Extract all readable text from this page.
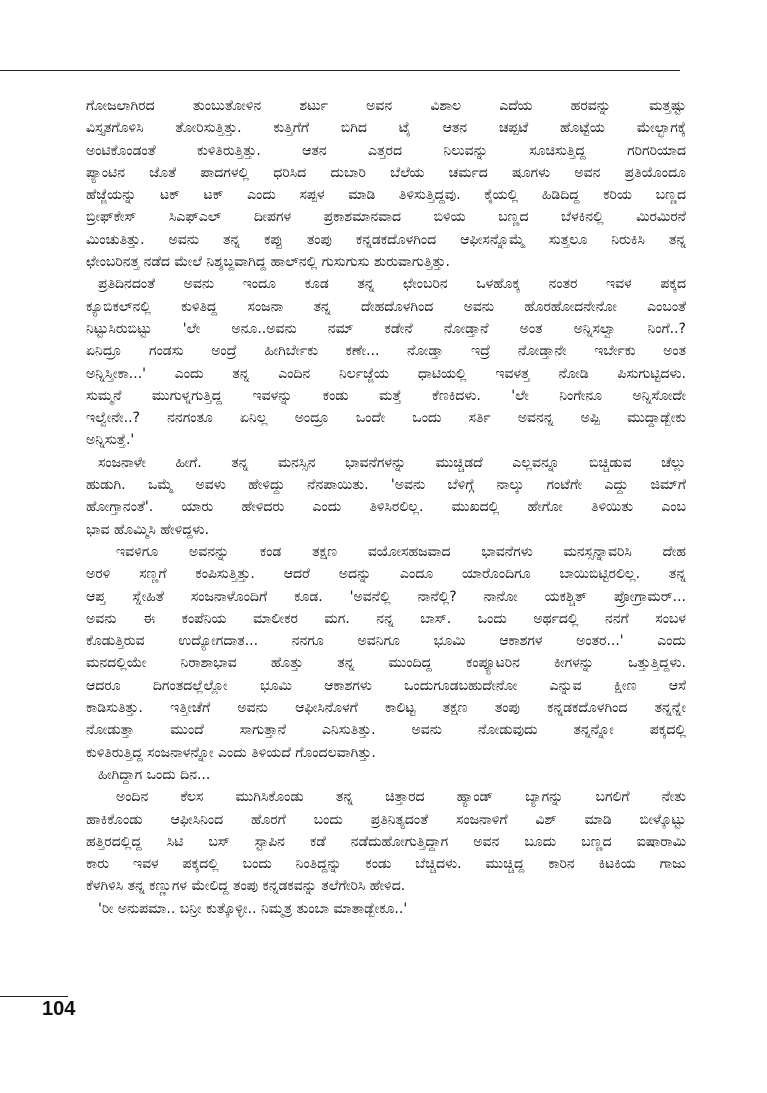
ಗೋಜಲಾಗಿರದ ತುಂಬುತೋಳಿನ ಶರ್ಟು ಅವನ ವಿಶಾಲ ಎದೆಯ ಹರವನ್ನು ಮತ್ತಷ್ಟು
ವಿಸ್ತೃತಗೊಳಿಸಿ ತೋರಿಸುತ್ತಿತ್ತು. ಕುತ್ತಿಗೆಗೆ ಬಿಗಿದ ಟೈ ಆತನ ಚಪ್ಪಟೆ ಹೊಟ್ಟೆಯ ಮೇಲ್ಭಾಗಕ್ಕೆ
ಅಂಟಿಕೊಂಡಂತೆ ಕುಳಿತಿರುತ್ತಿತ್ತು. ಆತನ ಎತ್ತರದ ನಿಲುವನ್ನು ಸೂಚಿಸುತ್ತಿದ್ದ ಗರಿಗರಿಯಾದ
ಪ್ಯಾಂಟಿನ ಜೊತೆ ಪಾದಗಳಲ್ಲಿ ಧರಿಸಿದ ದುಬಾರಿ ಬೆಲೆಯ ಚರ್ಮದ ಷೂಗಳು ಅವನ ಪ್ರತಿಯೊಂದೂ
ಹೆಜ್ಜೆಯನ್ನು ಟಕ್ ಟಕ್ ಎಂದು ಸಪ್ಪಳ ಮಾಡಿ ತಿಳಿಸುತ್ತಿದ್ದವು. ಕೈಯಲ್ಲಿ ಹಿಡಿದಿದ್ದ ಕರಿಯ ಬಣ್ಣದ
ಬ್ರೀಫ್‌ಕೇಸ್ ಸಿಎಫ್‌ಎಲ್ ದೀಪಗಳ ಪ್ರಕಾಶಮಾನವಾದ ಬಿಳಿಯ ಬಣ್ಣದ ಬೆಳಕಿನಲ್ಲಿ ಮಿರಮಿರನೆ
ಮಿಂಚುತಿತ್ತು. ಅವನು ತನ್ನ ಕಪ್ಪು ತಂಪು ಕನ್ನಡಕದೊಳಗಿಂದ ಆಫೀಸನ್ನೊಮ್ಮೆ ಸುತ್ತಲೂ ನಿರುಕಿಸಿ ತನ್ನ
ಛೇಂಬರಿನತ್ತ ನಡೆದ ಮೇಲೆ ನಿಶ್ಶಬ್ದವಾಗಿದ್ದ ಹಾಲ್‌ನಲ್ಲಿ ಗುಸುಗುಸು ಶುರುವಾಗುತ್ತಿತ್ತು.
ಪ್ರತಿದಿನದಂತೆ ಅವನು ಇಂದೂ ಕೂಡ ತನ್ನ ಛೇಂಬರಿನ ಒಳಹೊಕ್ಕ ನಂತರ ಇವಳ ಪಕ್ಕದ
ಕ್ಯೂಬಿಕಲ್‌ನಲ್ಲಿ ಕುಳಿತಿದ್ದ ಸಂಜನಾ ತನ್ನ ದೇಹದೊಳಗಿಂದ ಅವನು ಹೊರಹೋದನೇನೋ ಎಂಬಂತೆ
ನಿಟ್ಟುಸಿರುಬಿಟ್ಟು 'ಲೇ ಅನೂ..ಅವನು ನಮ್ ಕಡೇನೆ ನೋಡ್ತಾನೆ ಅಂತ ಅನ್ನಿಸಲ್ವಾ ನಿಂಗೆ..?
ಏನಿದ್ರೂ ಗಂಡಸು ಅಂದ್ರೆ ಹೀಗಿರ್ಬೇಕು ಕಣೇ... ನೋಡ್ತಾ ಇದ್ರೆ ನೋಡ್ತಾನೇ ಇರ್ಬೇಕು ಅಂತ
ಅನ್ನಿಸ್ತೀಕಾ...' ಎಂದು ತನ್ನ ಎಂದಿನ ನಿರ್ಲಜ್ಜೆಯ ಧಾಟಿಯಲ್ಲಿ ಇವಳತ್ತ ನೋಡಿ ಪಿಸುಗುಟ್ಟಿದಳು.
ಸುಮ್ಮನೆ ಮುಗುಳ್ನಗುತ್ತಿದ್ದ ಇವಳನ್ನು ಕಂಡು ಮತ್ತೆ ಕೆಣಕಿದಳು. 'ಲೇ ನಿಂಗೇನೂ ಅನ್ನಿಸೋದೇ
ಇಲ್ವೇನೇ..? ನನಗಂತೂ ಏನಿಲ್ಲ ಅಂದ್ರೂ ಒಂದೇ ಒಂದು ಸರ್ತಿ ಅವನನ್ನ ಅಪ್ಪಿ ಮುದ್ದಾಡ್ಬೇಕು
ಅನ್ನಿಸುತ್ತೆ.'
ಸಂಜನಾಳೇ ಹೀಗೆ. ತನ್ನ ಮನಸ್ಸಿನ ಭಾವನೆಗಳನ್ನು ಮುಚ್ಚಿಡದೆ ಎಲ್ಲವನ್ನೂ ಬಿಚ್ಚಿಡುವ ಚೆಲ್ಲು
ಹುಡುಗಿ. ಒಮ್ಮೆ ಅವಳು ಹೇಳಿದ್ದು ನೆನಪಾಯಿತು. 'ಅವನು ಬೆಳಿಗ್ಗೆ ನಾಲ್ಕು ಗಂಟೆಗೇ ಎದ್ದು ಜಿಮ್‌ಗೆ
ಹೋಗ್ತಾನಂತೆ'. ಯಾರು ಹೇಳಿದರು ಎಂದು ತಿಳಿಸಿರಲಿಲ್ಲ. ಮುಖದಲ್ಲಿ ಹೇಗೋ ತಿಳಿಯಿತು ಎಂಬ
ಭಾವ ಹೊಮ್ಮಿಸಿ ಹೇಳಿದ್ದಳು.
ಇವಳಿಗೂ ಅವನನ್ನು ಕಂಡ ತಕ್ಷಣ ವಯೋಸಹಜವಾದ ಭಾವನೆಗಳು ಮನಸ್ಸನ್ನಾವರಿಸಿ ದೇಹ
ಅರಳಿ ಸಣ್ಣಗೆ ಕಂಪಿಸುತ್ತಿತ್ತು. ಆದರೆ ಅದನ್ನು ಎಂದೂ ಯಾರೊಂದಿಗೂ ಬಾಯಿಬಿಟ್ಟಿರಲಿಲ್ಲ. ತನ್ನ
ಆಪ್ತ ಸ್ನೇಹಿತೆ ಸಂಜನಾಳೊಂದಿಗೆ ಕೂಡ. 'ಅವನೆಲ್ಲಿ ನಾನೆಲ್ಲಿ? ನಾನೋ ಯಕಶ್ಚಿತ್ ಪ್ರೋಗ್ರಾಮರ್...
ಅವನು ಈ ಕಂಪೆನಿಯ ಮಾಲೀಕರ ಮಗ. ನನ್ನ ಬಾಸ್. ಒಂದು ಅರ್ಥದಲ್ಲಿ ನನಗೆ ಸಂಬಳ
ಕೊಡುತ್ತಿರುವ ಉದ್ಯೋಗದಾತ... ನನಗೂ ಅವನಿಗೂ ಭೂಮಿ ಆಕಾಶಗಳ ಅಂತರ...' ಎಂದು
ಮನದಲ್ಲಿಯೇ ನಿರಾಶಾಭಾವ ಹೊತ್ತು ತನ್ನ ಮುಂದಿದ್ದ ಕಂಪ್ಯೂಟರಿನ ಕೀಗಳನ್ನು ಒತ್ತುತ್ತಿದ್ದಳು.
ಆದರೂ ದಿಗಂತದಲ್ಲೆಲ್ಲೋ ಭೂಮಿ ಆಕಾಶಗಳು ಒಂದುಗೂಡಬಹುದೇನೋ ಎನ್ನುವ ಕ್ಷೀಣ ಆಸೆ
ಕಾಡಿಸುತಿತ್ತು. ಇತ್ತೀಚೆಗೆ ಅವನು ಆಫೀಸಿನೊಳಗೆ ಕಾಲಿಟ್ಟ ತಕ್ಷಣ ತಂಪು ಕನ್ನಡಕದೊಳಗಿಂದ ತನ್ನನ್ನೇ
ನೋಡುತ್ತಾ ಮುಂದೆ ಸಾಗುತ್ತಾನೆ ಎನಿಸುತಿತ್ತು. ಅವನು ನೋಡುವುದು ತನ್ನನ್ನೋ ಪಕ್ಕದಲ್ಲಿ
ಕುಳಿತಿರುತ್ತಿದ್ದ ಸಂಜನಾಳನ್ನೋ ಎಂದು ತಿಳಿಯದೆ ಗೊಂದಲವಾಗಿತ್ತು.
ಹೀಗಿದ್ದಾಗ ಒಂದು ದಿನ...
ಅಂದಿನ ಕೆಲಸ ಮುಗಿಸಿಕೊಂಡು ತನ್ನ ಚಿತ್ತಾರದ ಹ್ಯಾಂಡ್ ಬ್ಯಾಗನ್ನು ಬಗಲಿಗೆ ನೇತು
ಹಾಕಿಕೊಂಡು ಆಫೀಸಿನಿಂದ ಹೊರಗೆ ಬಂದು ಪ್ರತಿನಿತ್ಯದಂತೆ ಸಂಜನಾಳಿಗೆ ವಿಶ್ ಮಾಡಿ ಬೀಳ್ಕೊಟ್ಟು
ಹತ್ತಿರದಲ್ಲಿದ್ದ ಸಿಟಿ ಬಸ್ ಸ್ಟಾಪಿನ ಕಡೆ ನಡೆದುಹೋಗುತ್ತಿದ್ದಾಗ ಅವನ ಬೂದು ಬಣ್ಣದ ಐಷಾರಾಮಿ
ಕಾರು ಇವಳ ಪಕ್ಕದಲ್ಲಿ ಬಂದು ನಿಂತಿದ್ದನ್ನು ಕಂಡು ಬೆಚ್ಚಿದಳು. ಮುಚ್ಚಿದ್ದ ಕಾರಿನ ಕಿಟಕಿಯ ಗಾಜು
ಕೆಳಗಿಳಿಸಿ ತನ್ನ ಕಣ್ಣುಗಳ ಮೇಲಿದ್ದ ತಂಪು ಕನ್ನಡಕವನ್ನು ತಲೆಗೇರಿಸಿ ಹೇಳಿದ.
'ರೀ ಅನುಪಮಾ.. ಬನ್ರೀ ಕುತ್ಕೊಳ್ಳೀ.. ನಿಮ್ಮತ್ರ ತುಂಬಾ ಮಾತಾಡ್ಬೇಕೂ..'
104
